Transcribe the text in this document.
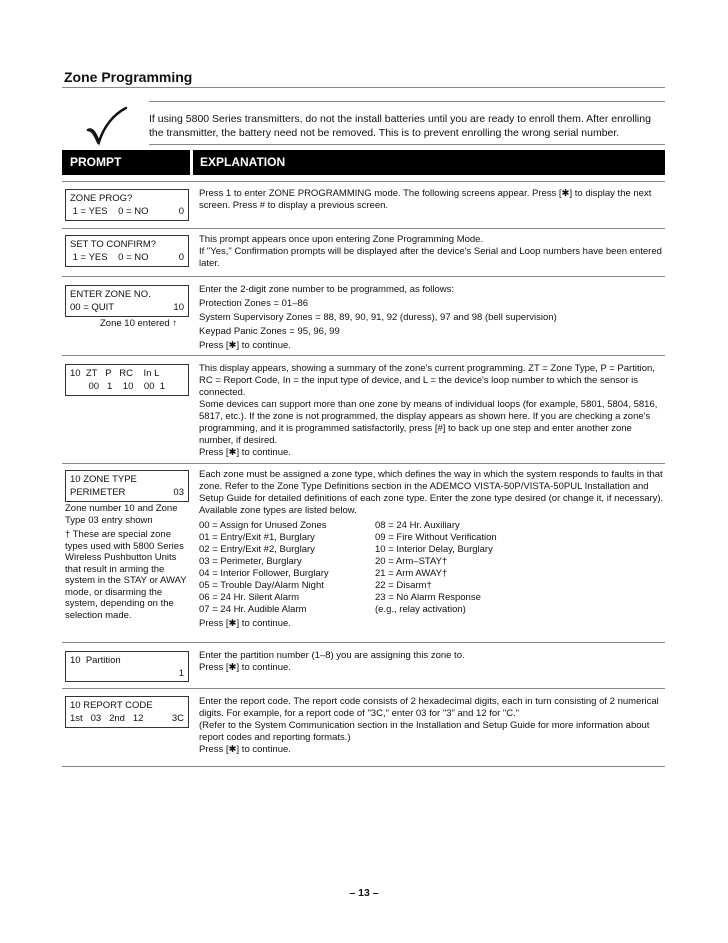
Zone Programming
If using 5800 Series transmitters, do not the install batteries until you are ready to enroll them. After enrolling the transmitter, the battery need not be removed. This is to prevent enrolling the wrong serial number.
PROMPT	EXPLANATION
ZONE PROG?
1 = YES    0 = NO	0

Press 1 to enter ZONE PROGRAMMING mode. The following screens appear. Press [✱] to display the next screen. Press # to display a previous screen.

SET TO CONFIRM?
1 = YES    0 = NO	0

This prompt appears once upon entering Zone Programming Mode.

If "Yes," Confirmation prompts will be displayed after the device's Serial and Loop numbers have been entered later.

ENTER ZONE NO.
00 = QUIT	10
Zone 10 entered ↑

Enter the 2-digit zone number to be programmed, as follows:

Protection Zones = 01–86

System Supervisory Zones = 88, 89, 90, 91, 92 (duress), 97 and 98 (bell supervision)

Keypad Panic Zones = 95, 96, 99

Press [✱] to continue.

10  ZT   P   RC    In L
00   1    10    00  1

This display appears, showing a summary of the zone's current programming. ZT = Zone Type, P = Partition, RC = Report Code, In = the input type of device, and L = the device's loop number to which the sensor is connected.

Some devices can support more than one zone by means of individual loops (for example, 5801, 5804, 5816, 5817, etc.). If the zone is not programmed, the display appears as shown here. If you are checking a zone's programming, and it is programmed satisfactorily, press [#] to back up one step and enter another zone number, if desired.

Press [✱] to continue.

10 ZONE TYPE
PERIMETER	03
Zone number 10 and Zone Type 03 entry shown
† These are special zone types used with 5800 Series Wireless Pushbutton Units that result in arming the system in the STAY or AWAY mode, or disarming the system, depending on the selection made.

Each zone must be assigned a zone type, which defines the way in which the system responds to faults in that zone. Refer to the Zone Type Definitions section in the ADEMCO VISTA-50P/VISTA-50PUL Installation and Setup Guide for detailed definitions of each zone type. Enter the zone type desired (or change it, if necessary). Available zone types are listed below.

00 = Assign for Unused Zones
01 = Entry/Exit #1, Burglary
02 = Entry/Exit #2, Burglary
03 = Perimeter, Burglary
04 = Interior Follower, Burglary
05 = Trouble Day/Alarm Night
06 = 24 Hr. Silent Alarm
07 = 24 Hr. Audible Alarm
08 = 24 Hr. Auxiliary
09 = Fire Without Verification
10 = Interior Delay, Burglary
20 = Arm–STAY†
21 = Arm AWAY†
22 = Disarm†
23 = No Alarm Response
(e.g., relay activation)

Press [✱] to continue.

10  Partition
1

Enter the partition number (1–8) you are assigning this zone to.

Press [✱] to continue.

10 REPORT CODE
1st   03   2nd   12	3C

Enter the report code. The report code consists of 2 hexadecimal digits, each in turn consisting of 2 numerical digits. For example, for a report code of "3C," enter 03 for "3" and 12 for "C."

(Refer to the System Communication section in the Installation and Setup Guide for more information about report codes and reporting formats.)

Press [✱] to continue.

– 13 –
